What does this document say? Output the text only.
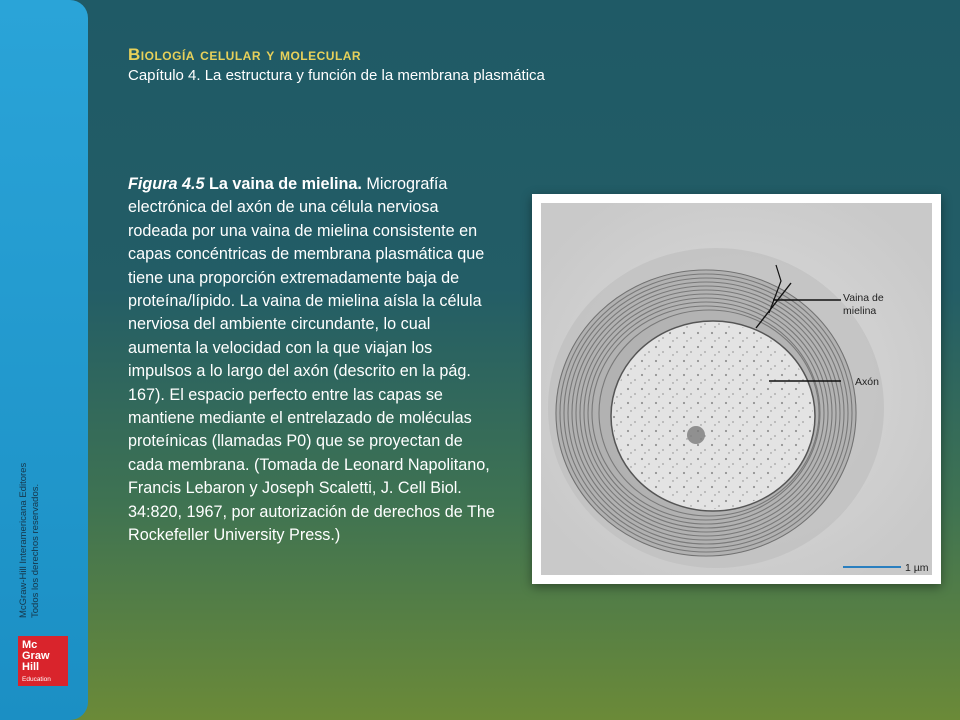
McGraw-Hill Interamericana Editores Todos los derechos reservados.
Mc
Graw
Hill
Education
Biología celular y molecular
Capítulo 4. La estructura y función de la membrana plasmática
Figura 4.5 La vaina de mielina. Micrografía electrónica del axón de una célula nerviosa rodeada por una vaina de mielina consistente en capas concéntricas de membrana plasmática que tiene una proporción extremadamente baja de proteína/lípido. La vaina de mielina aísla la célula nerviosa del ambiente circundante, lo cual aumenta la velocidad con la que viajan los impulsos a lo largo del axón (descrito en la pág. 167). El espacio perfecto entre las capas se mantiene mediante el entrelazado de moléculas proteínicas (llamadas P0) que se proyectan de cada membrana. (Tomada de Leonard Napolitano, Francis Lebaron y Joseph Scaletti, J. Cell Biol. 34:820, 1967, por autorización de derechos de The Rockefeller University Press.)
Vaina de
mielina
Axón
1 µm
